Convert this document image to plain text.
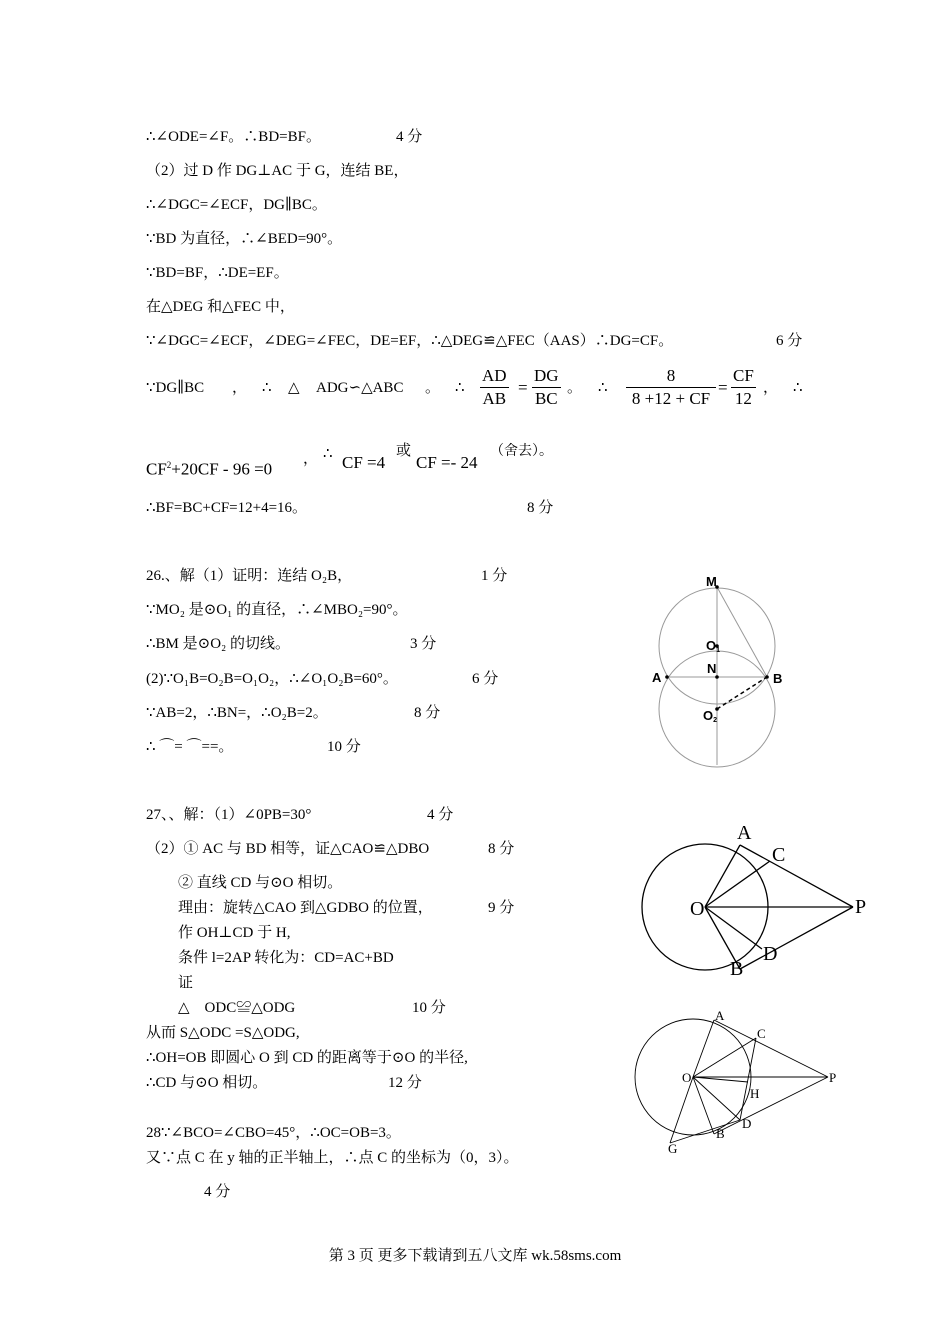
∴∠ODE=∠F。∴BD=BF。	4 分
（2）过 D 作 DG⊥AC 于 G，连结 BE，
∴∠DGC=∠ECF，DG∥BC。
∵BD 为直径，∴∠BED=90°。
∵BD=BF，∴DE=EF。
在△DEG 和△FEC 中，
∵∠DGC=∠ECF，∠DEG=∠FEC，DE=EF，∴△DEG≌△FEC（AAS）∴DG=CF。	6 分
∵DG∥BC ， ∴ △ ADG∽△ABC 。 ∴ $\frac{AD}{AB} = \frac{DG}{BC}$ 。 ∴ $\frac{8}{8 +12 + CF} = \frac{CF}{12}$ ， ∴
$CF^2+20CF - 96 =0$
， ∴ CF =4
或
CF =- 24
（舍去）。
∴BF=BC+CF=12+4=16。	8 分
26.、解（1）证明：连结 O₂B，	1 分
∵MO₂ 是⊙O₁ 的直径，∴∠MBO₂=90°。
∴BM 是⊙O₂ 的切线。	3 分
(2)∵O₁B=O₂B=O₁O₂，∴∠O₁O₂B=60°。	6 分
∵AB=2，∴BN=，∴O₂B=2。	8 分
∴ ⌒= ⌒==。	10 分
M
O1
N
A	B
O2
27、、解：（1）∠0PB=30°	4 分
（2）① AC 与 BD 相等，证△CAO≌△DBO	8 分
② 直线 CD 与⊙O 相切。
理由：旋转△CAO 到△GDBO 的位置，	9 分
作 OH⊥CD 于 H,
条件 l=2AP 转化为：CD=AC+BD
证
△　ODC≌△ODG	10 分
从而 S△ODC =S△ODG,
∴OH=OB 即圆心 O 到 CD 的距离等于⊙O 的半径,
∴CD 与⊙O 相切。	12 分
A
C
O	P
B
D
A
C
O	P
H
B
D
G
28∵∠BCO=∠CBO=45°，∴OC=OB=3。
又∵点 C 在 y 轴的正半轴上，∴点 C 的坐标为（0，3）。
4 分
第 3 页 更多下载请到五八文库 wk.58sms.com
